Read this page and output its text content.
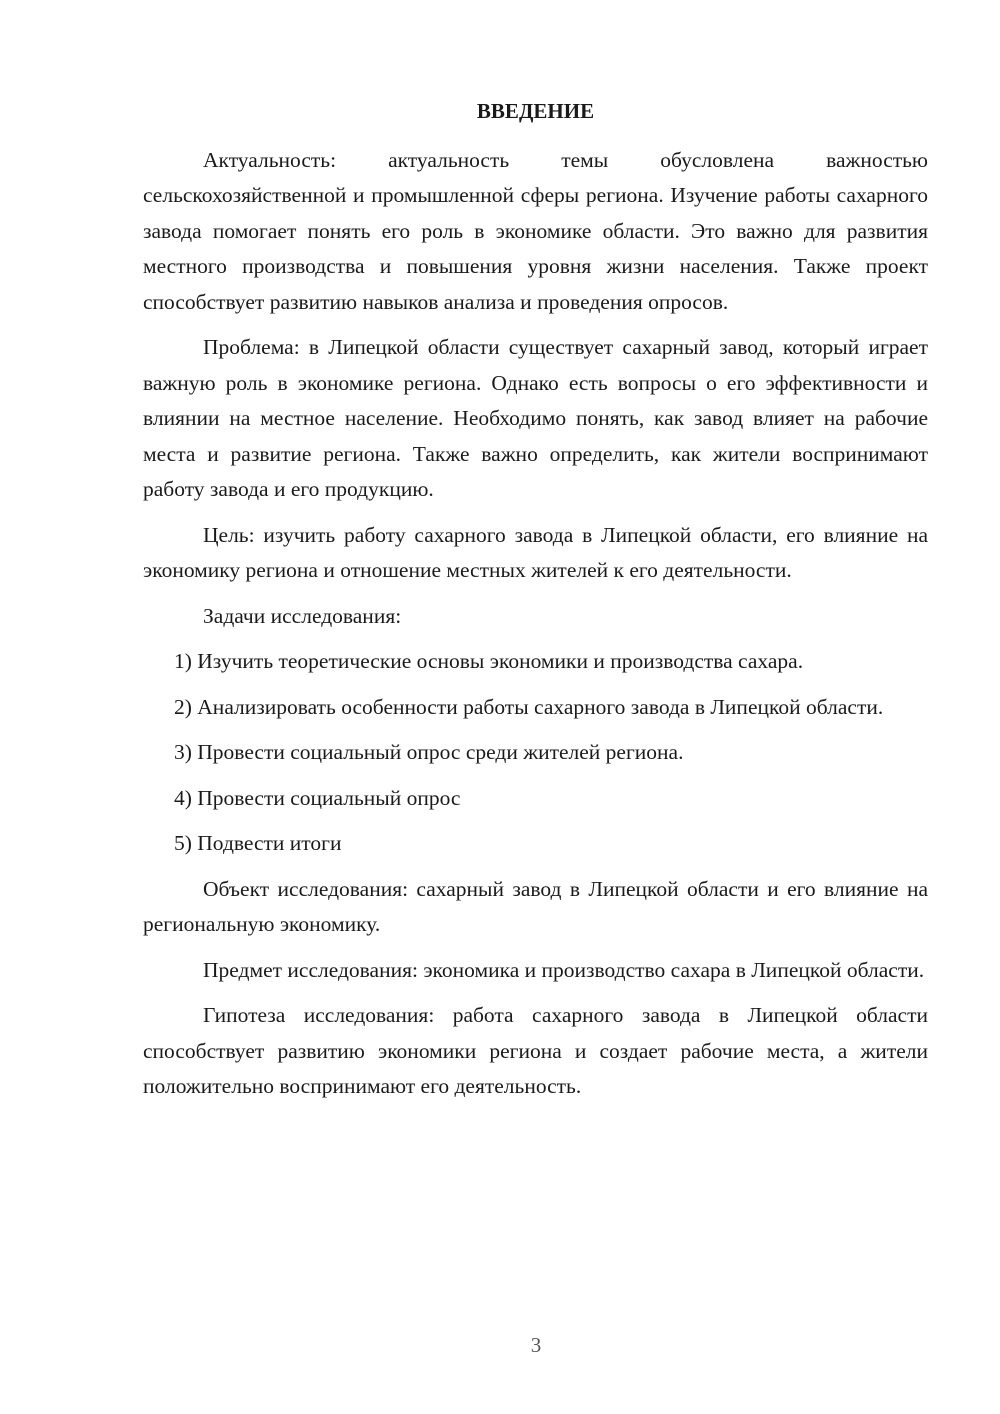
ВВЕДЕНИЕ

Актуальность: актуальность темы обусловлена важностью сельскохозяйственной и промышленной сферы региона. Изучение работы сахарного завода помогает понять его роль в экономике области. Это важно для развития местного производства и повышения уровня жизни населения. Также проект способствует развитию навыков анализа и проведения опросов.

Проблема: в Липецкой области существует сахарный завод, который играет важную роль в экономике региона. Однако есть вопросы о его эффективности и влиянии на местное население. Необходимо понять, как завод влияет на рабочие места и развитие региона. Также важно определить, как жители воспринимают работу завода и его продукцию.

Цель: изучить работу сахарного завода в Липецкой области, его влияние на экономику региона и отношение местных жителей к его деятельности.

Задачи исследования:

1) Изучить теоретические основы экономики и производства сахара.

2) Анализировать особенности работы сахарного завода в Липецкой области.

3) Провести социальный опрос среди жителей региона.

4) Провести социальный опрос

5) Подвести итоги

Объект исследования: сахарный завод в Липецкой области и его влияние на региональную экономику.

Предмет исследования: экономика и производство сахара в Липецкой области.

Гипотеза исследования: работа сахарного завода в Липецкой области способствует развитию экономики региона и создает рабочие места, а жители положительно воспринимают его деятельность.

3
